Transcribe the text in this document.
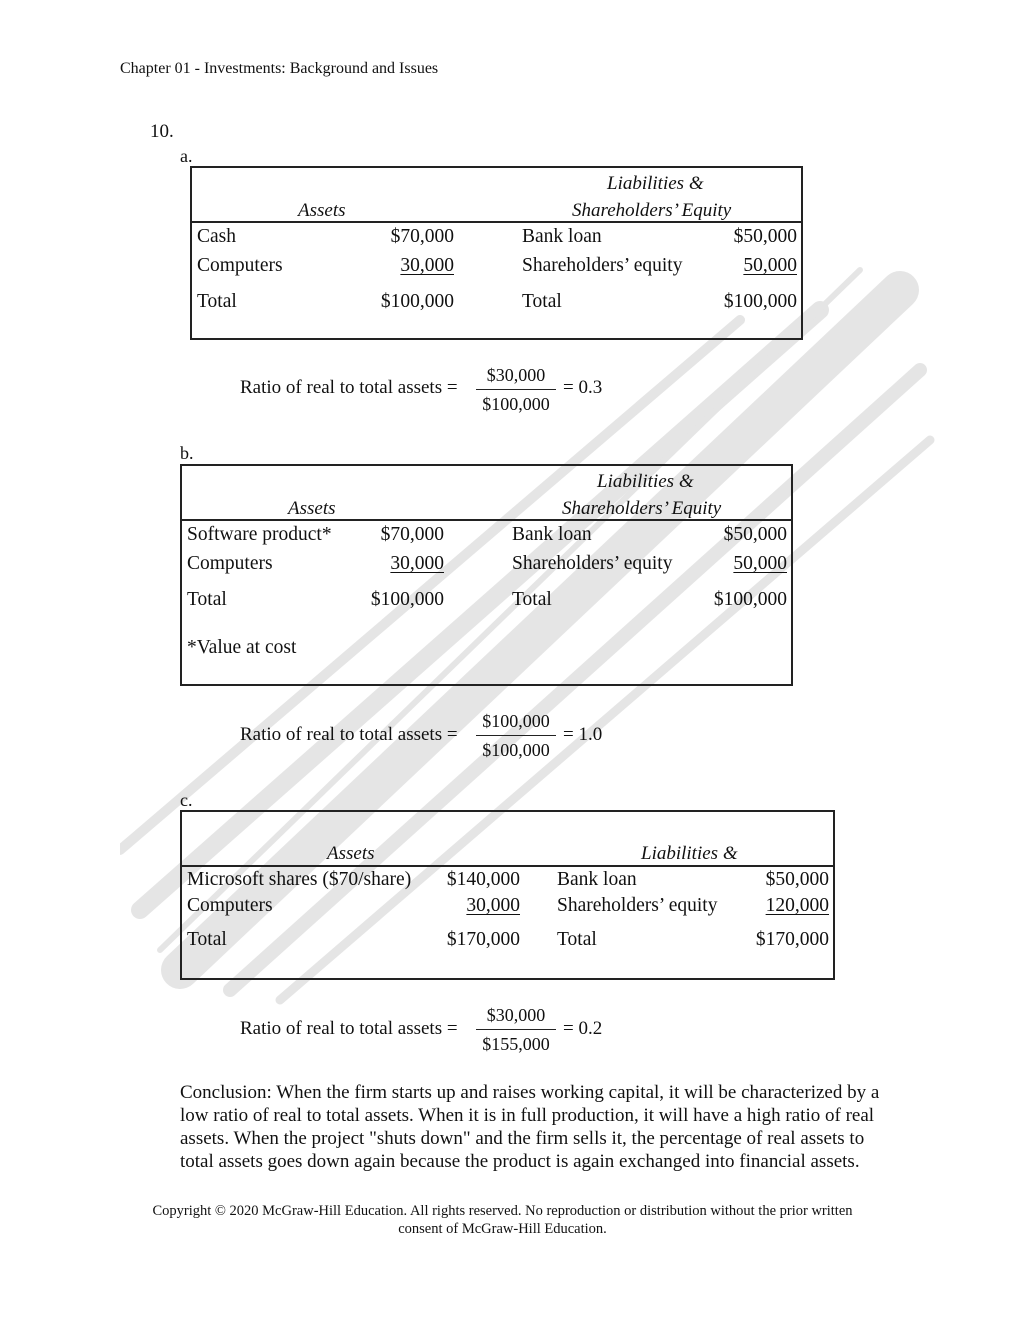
Chapter 01 - Investments: Background and Issues
10.
a.
Assets
Liabilities &
Shareholders’ Equity
Cash	$70,000	Bank loan	$50,000
Computers	30,000	Shareholders’ equity	50,000
Total	$100,000	Total	$100,000
Ratio of real to total assets = $\frac{\$30,000}{\$100,000} = 0.3$
b.
Assets
Liabilities &
Shareholders’ Equity
Software product*	$70,000	Bank loan	$50,000
Computers	30,000	Shareholders’ equity	50,000
Total	$100,000	Total	$100,000
*Value at cost
Ratio of real to total assets = $\frac{\$100,000}{\$100,000} = 1.0$
c.
Assets	Liabilities &
Microsoft shares ($70/share)	$140,000 Bank loan	$50,000
Computers	30,000 Shareholders’ equity	120,000
Total	$170,000 Total	$170,000
Ratio of real to total assets = $\frac{\$30,000}{\$155,000} = 0.2$
Conclusion: When the firm starts up and raises working capital, it will be characterized by a low ratio of real to total assets. When it is in full production, it will have a high ratio of real assets. When the project "shuts down" and the firm sells it, the percentage of real assets to total assets goes down again because the product is again exchanged into financial assets.
Copyright © 2020 McGraw-Hill Education. All rights reserved. No reproduction or distribution without the prior written
consent of McGraw-Hill Education.
